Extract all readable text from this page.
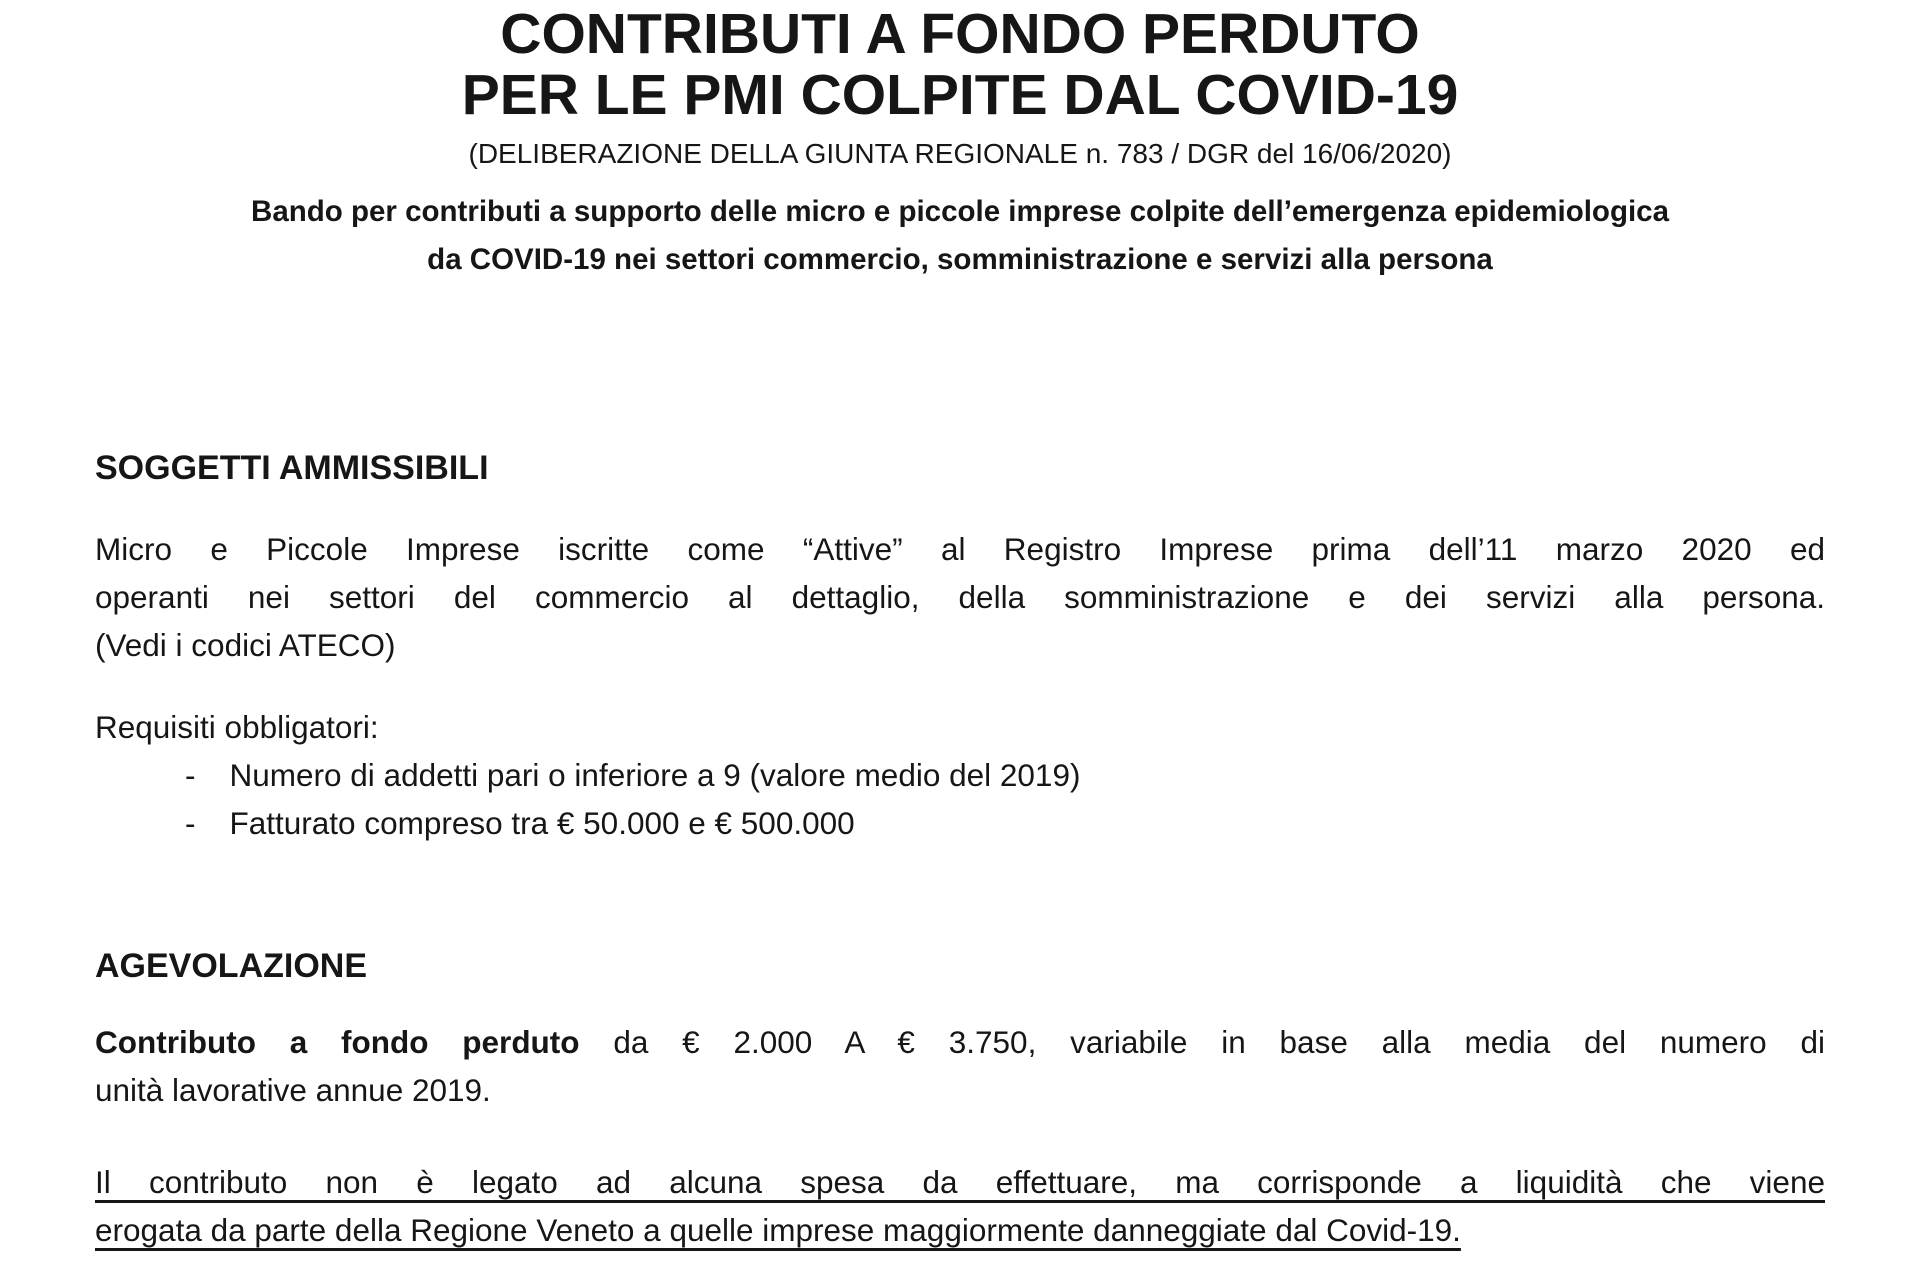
CONTRIBUTI A FONDO PERDUTO
PER LE PMI COLPITE DAL COVID-19
(DELIBERAZIONE DELLA GIUNTA REGIONALE n. 783 / DGR del 16/06/2020)
Bando per contributi a supporto delle micro e piccole imprese colpite dell’emergenza epidemiologica
da COVID-19 nei settori commercio, somministrazione e servizi alla persona
SOGGETTI AMMISSIBILI
Micro e Piccole Imprese iscritte come “Attive” al Registro Imprese prima dell’11 marzo 2020 ed
operanti nei settori del commercio al dettaglio, della somministrazione e dei servizi alla persona.
(Vedi i codici ATECO)
Requisiti obbligatori:
- Numero di addetti pari o inferiore a 9 (valore medio del 2019)
- Fatturato compreso tra € 50.000 e € 500.000
AGEVOLAZIONE
Contributo a fondo perduto da € 2.000 A € 3.750, variabile in base alla media del numero di
unità lavorative annue 2019.
Il contributo non è legato ad alcuna spesa da effettuare, ma corrisponde a liquidità che viene
erogata da parte della Regione Veneto a quelle imprese maggiormente danneggiate dal Covid-19.
